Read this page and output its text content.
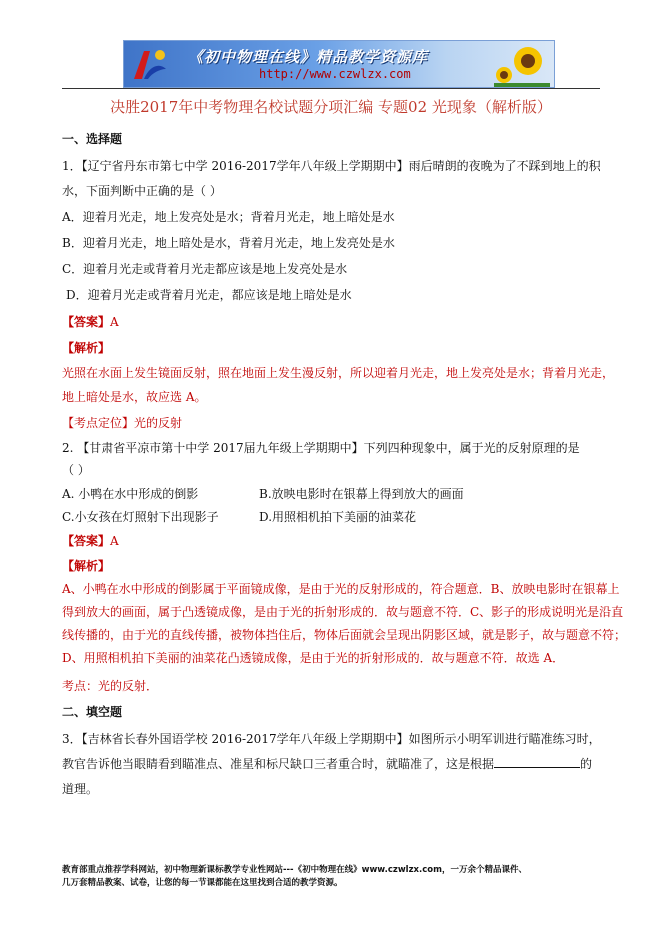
《初中物理在线》精品教学资源库
http://www.czwlzx.com
决胜2017年中考物理名校试题分项汇编 专题02 光现象（解析版）
一、选择题
1．【辽宁省丹东市第七中学 2016-2017学年八年级上学期期中】雨后晴朗的夜晚为了不踩到地上的积
水，下面判断中正确的是（ ）
A．迎着月光走，地上发亮处是水；背着月光走，地上暗处是水
B．迎着月光走，地上暗处是水，背着月光走，地上发亮处是水
C．迎着月光走或背着月光走都应该是地上发亮处是水
D．迎着月光走或背着月光走，都应该是地上暗处是水
【答案】A
【解析】
光照在水面上发生镜面反射，照在地面上发生漫反射，所以迎着月光走，地上发亮处是水；背着月光走，
地上暗处是水，故应选 A。
【考点定位】光的反射
2. 【甘肃省平凉市第十中学 2017届九年级上学期期中】下列四种现象中，属于光的反射原理的是
（ ）
A. 小鸭在水中形成的倒影	B.放映电影时在银幕上得到放大的画面
C.小女孩在灯照射下出现影子	D.用照相机拍下美丽的油菜花
【答案】A
【解析】
A、小鸭在水中形成的倒影属于平面镜成像，是由于光的反射形成的，符合题意．B、放映电影时在银幕上
得到放大的画面，属于凸透镜成像，是由于光的折射形成的．故与题意不符．C、影子的形成说明光是沿直
线传播的，由于光的直线传播，被物体挡住后，物体后面就会呈现出阴影区域，就是影子，故与题意不符；
D、用照相机拍下美丽的油菜花凸透镜成像，是由于光的折射形成的．故与题意不符．故选 A．
考点：光的反射．
二、填空题
3．【吉林省长春外国语学校 2016-2017学年八年级上学期期中】如图所示小明军训进行瞄准练习时，
教官告诉他当眼睛看到瞄准点、准星和标尺缺口三者重合时，就瞄准了，这是根据	的
道理。
教育部重点推荐学科网站，初中物理新课标教学专业性网站---《初中物理在线》www.czwlzx.com，一万余个精品课件、
几万套精品教案、试卷，让您的每一节课都能在这里找到合适的教学资源。
